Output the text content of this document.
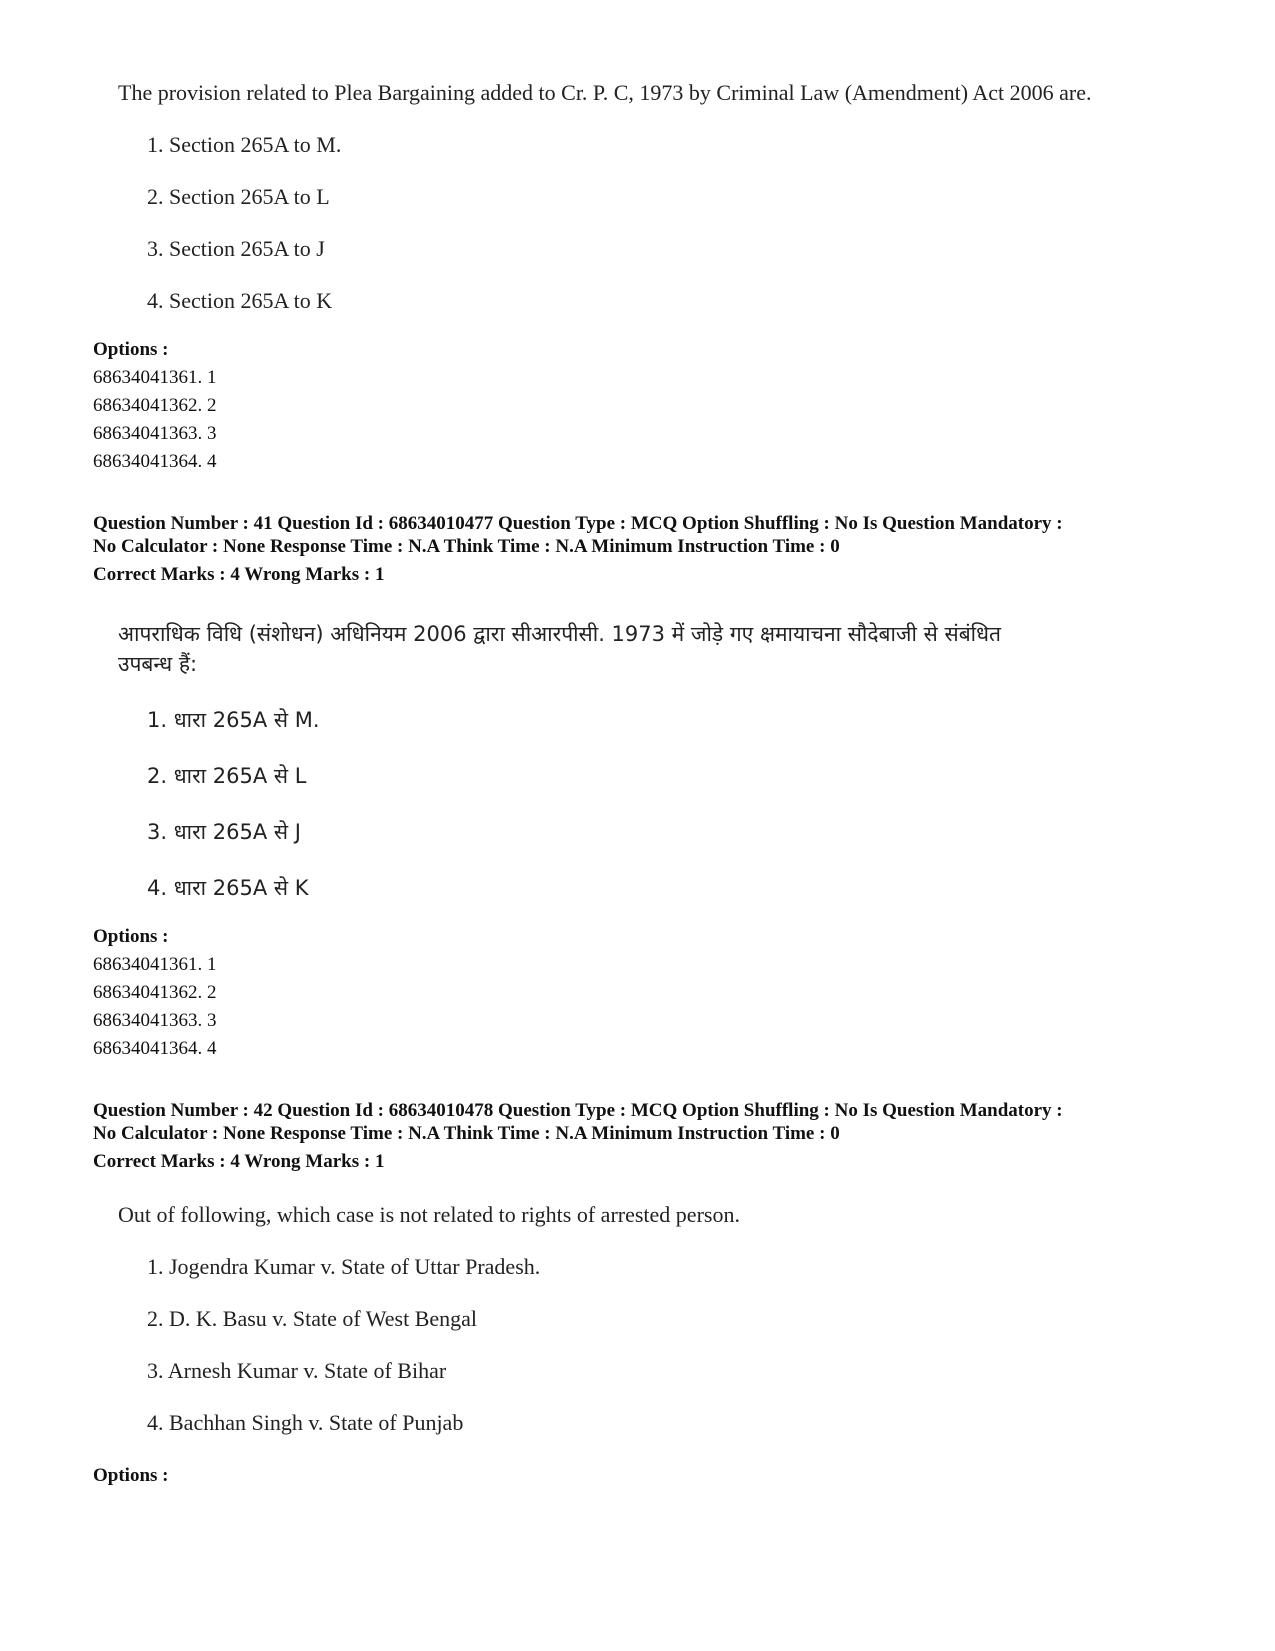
The provision related to Plea Bargaining added to Cr. P. C, 1973 by Criminal Law (Amendment) Act 2006 are.
1. Section 265A to M.
2. Section 265A to L
3. Section 265A to J
4. Section 265A to K
Options :
68634041361. 1
68634041362. 2
68634041363. 3
68634041364. 4
Question Number : 41 Question Id : 68634010477 Question Type : MCQ Option Shuffling : No Is Question Mandatory :
No Calculator : None Response Time : N.A Think Time : N.A Minimum Instruction Time : 0
Correct Marks : 4 Wrong Marks : 1
आपराधिक विधि (संशोधन) अधिनियम 2006 द्वारा सीआरपीसी. 1973 में जोड़े गए क्षमायाचना सौदेबाजी से संबंधित
उपबन्ध हैं:
1. धारा 265A से M.
2. धारा 265A से L
3. धारा 265A से J
4. धारा 265A से K
Options :
68634041361. 1
68634041362. 2
68634041363. 3
68634041364. 4
Question Number : 42 Question Id : 68634010478 Question Type : MCQ Option Shuffling : No Is Question Mandatory :
No Calculator : None Response Time : N.A Think Time : N.A Minimum Instruction Time : 0
Correct Marks : 4 Wrong Marks : 1
Out of following, which case is not related to rights of arrested person.
1. Jogendra Kumar v. State of Uttar Pradesh.
2. D. K. Basu v. State of West Bengal
3. Arnesh Kumar v. State of Bihar
4. Bachhan Singh v. State of Punjab
Options :
